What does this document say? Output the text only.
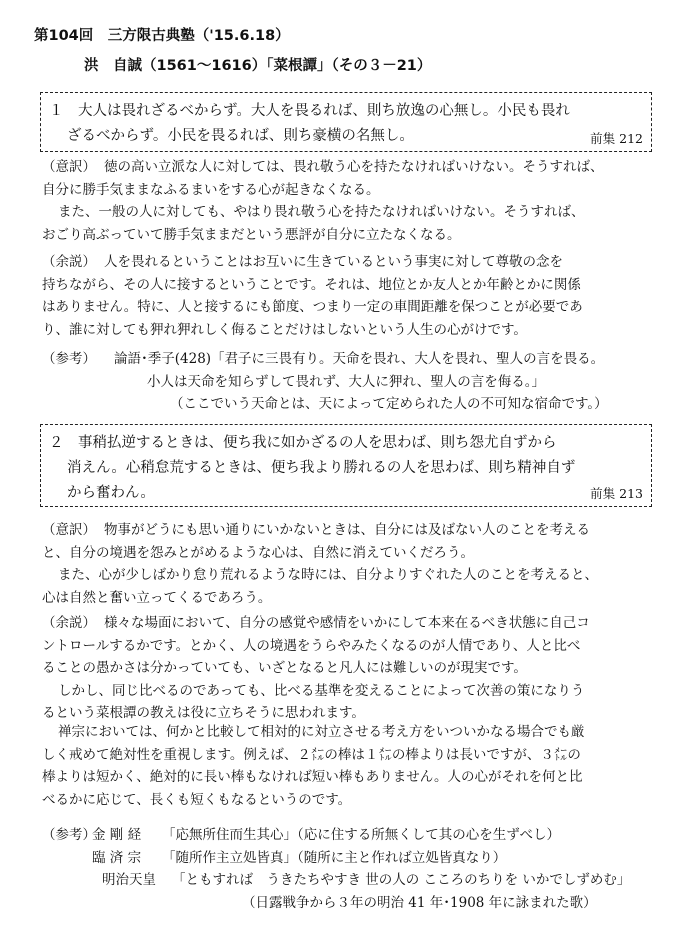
第104回　三方限古典塾（'15.6.18）
洪　自誠（1561〜1616）「菜根譚」（その３－21）
１　大人は畏れざるべからず。大人を畏るれば、則ち放逸の心無し。小民も畏れ
ざるべからず。小民を畏るれば、則ち豪横の名無し。	前集 212
（意訳） 徳の高い立派な人に対しては、畏れ敬う心を持たなければいけない。そうすれば、
自分に勝手気ままなふるまいをする心が起きなくなる。
また、一般の人に対しても、やはり畏れ敬う心を持たなければいけない。そうすれば、
おごり高ぶっていて勝手気ままだという悪評が自分に立たなくなる。
（余説） 人を畏れるということはお互いに生きているという事実に対して尊敬の念を
持ちながら、その人に接するということです。それは、地位とか友人とか年齢とかに関係
はありません。特に、人と接するにも節度、つまり一定の車間距離を保つことが必要であ
り、誰に対しても狎れ狎れしく侮ることだけはしないという人生の心がけです。
（参考） 論語･季子(428)「君子に三畏有り。天命を畏れ、大人を畏れ、聖人の言を畏る。
小人は天命を知らずして畏れず、大人に狎れ、聖人の言を侮る。」
（ここでいう天命とは、天によって定められた人の不可知な宿命です。）
２　事稍払逆するときは、便ち我に如かざるの人を思わば、則ち怨尤自ずから
消えん。心稍怠荒するときは、便ち我より勝れるの人を思わば、則ち精神自ず
から奮わん。	前集 213
（意訳） 物事がどうにも思い通りにいかないときは、自分には及ばない人のことを考える
と、自分の境遇を怨みとがめるような心は、自然に消えていくだろう。
また、心が少しばかり怠り荒れるような時には、自分よりすぐれた人のことを考えると、
心は自然と奮い立ってくるであろう。
（余説） 様々な場面において、自分の感覚や感情をいかにして本来在るべき状態に自己コ
ントロールするかです。とかく、人の境遇をうらやみたくなるのが人情であり、人と比べ
ることの愚かさは分かっていても、いざとなると凡人には難しいのが現実です。
しかし、同じ比べるのであっても、比べる基準を変えることによって次善の策になりう
るという菜根譚の教えは役に立ちそうに思われます。
禅宗においては、何かと比較して相対的に対立させる考え方をいついかなる場合でも厳
しく戒めて絶対性を重視します。例えば、２㍍の棒は１㍍の棒よりは長いですが、３㍍の
棒よりは短かく、絶対的に長い棒もなければ短い棒もありません。人の心がそれを何と比
べるかに応じて、長くも短くもなるというのです。
（参考）金 剛 経 「応無所住而生其心」（応に住する所無くして其の心を生ずべし）
臨 済 宗 「随所作主立処皆真」（随所に主と作れば立処皆真なり）
明治天皇 「ともすれば　うきたちやすき 世の人の こころのちりを いかでしずめむ」
（日露戦争から３年の明治 41 年･1908 年に詠まれた歌）
